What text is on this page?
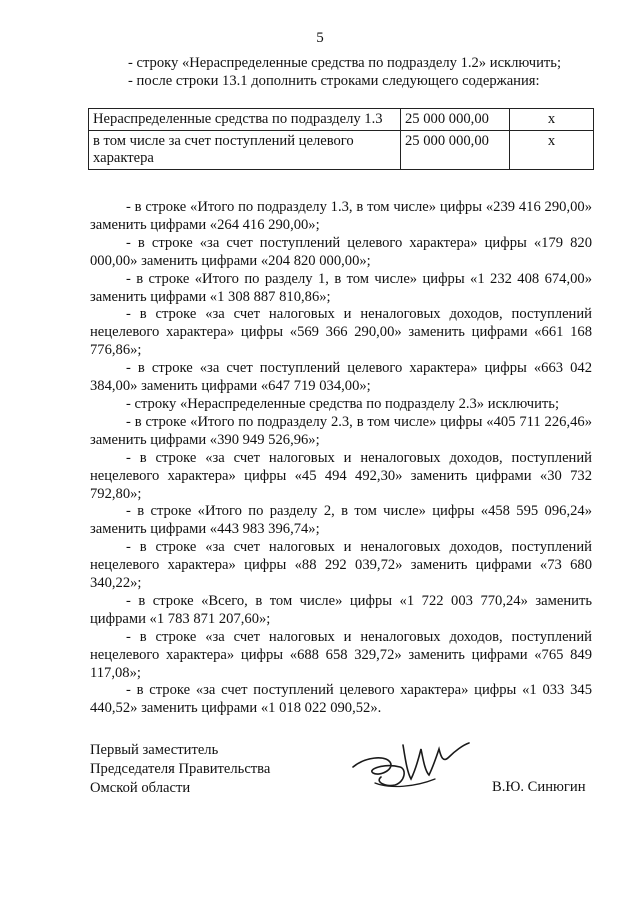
5

- строку «Нераспределенные средства по подразделу 1.2» исключить;

- после строки 13.1 дополнить строками следующего содержания:

Нераспределенные средства по подразделу 1.3	25 000 000,00	x
в том числе за счет поступлений целевого характера	25 000 000,00	x

- в строке «Итого по подразделу 1.3, в том числе» цифры «239 416 290,00» заменить цифрами «264 416 290,00»;

- в строке «за счет поступлений целевого характера» цифры «179 820 000,00» заменить цифрами «204 820 000,00»;

- в строке «Итого по разделу 1, в том числе» цифры «1 232 408 674,00» заменить цифрами «1 308 887 810,86»;

- в строке «за счет налоговых и неналоговых доходов, поступлений нецелевого характера» цифры «569 366 290,00» заменить цифрами «661 168 776,86»;

- в строке «за счет поступлений целевого характера» цифры «663 042 384,00» заменить цифрами «647 719 034,00»;

- строку «Нераспределенные средства по подразделу 2.3» исключить;

- в строке «Итого по подразделу 2.3, в том числе» цифры «405 711 226,46» заменить цифрами «390 949 526,96»;

- в строке «за счет налоговых и неналоговых доходов, поступлений нецелевого характера» цифры «45 494 492,30» заменить цифрами «30 732 792,80»;

- в строке «Итого по разделу 2, в том числе» цифры «458 595 096,24» заменить цифрами «443 983 396,74»;

- в строке «за счет налоговых и неналоговых доходов, поступлений нецелевого характера» цифры «88 292 039,72» заменить цифрами «73 680 340,22»;

- в строке «Всего, в том числе» цифры «1 722 003 770,24» заменить цифрами «1 783 871 207,60»;

- в строке «за счет налоговых и неналоговых доходов, поступлений нецелевого характера» цифры «688 658 329,72» заменить цифрами «765 849 117,08»;

- в строке «за счет поступлений целевого характера» цифры «1 033 345 440,52» заменить цифрами «1 018 022 090,52».

Первый заместитель
Председателя Правительства
Омской области	В.Ю. Синюгин
